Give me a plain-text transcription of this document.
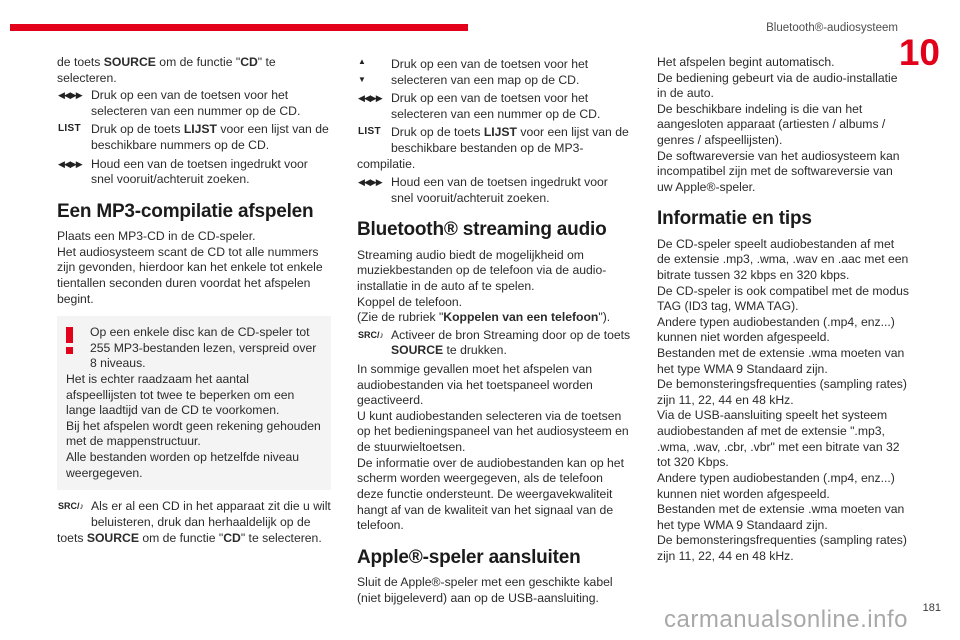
Bluetooth®-audiosysteem
10

de toets SOURCE om de functie "CD" te selecteren.

◀◀▶▶ Druk op een van de toetsen voor het selecteren van een nummer op de CD.
LIST Druk op de toets LIJST voor een lijst van de beschikbare nummers op de CD.
◀◀▶▶ Houd een van de toetsen ingedrukt voor snel vooruit/achteruit zoeken.
Een MP3-compilatie afspelen

Plaats een MP3-CD in de CD-speler.

Het audiosysteem scant de CD tot alle nummers zijn gevonden, hierdoor kan het enkele tot enkele tientallen seconden duren voordat het afspelen begint.

Op een enkele disc kan de CD-speler tot 255 MP3-bestanden lezen, verspreid over 8 niveaus.

Het is echter raadzaam het aantal afspeellijsten tot twee te beperken om een lange laadtijd van de CD te voorkomen.

Bij het afspelen wordt geen rekening gehouden met de mappenstructuur.

Alle bestanden worden op hetzelfde niveau weergegeven.

SRC/♪ Als er al een CD in het apparaat zit die u wilt beluisteren, druk dan herhaaldelijk op de toets SOURCE om de functie "CD" te selecteren.
▲
▼
Druk op een van de toetsen voor het selecteren van een map op de CD.
◀◀▶▶ Druk op een van de toetsen voor het selecteren van een nummer op de CD.
LIST Druk op de toets LIJST voor een lijst van de beschikbare bestanden op de MP3-compilatie.
◀◀▶▶ Houd een van de toetsen ingedrukt voor snel vooruit/achteruit zoeken.
Bluetooth® streaming audio

Streaming audio biedt de mogelijkheid om muziekbestanden op de telefoon via de audio-installatie in de auto af te spelen.

Koppel de telefoon.

(Zie de rubriek "Koppelen van een telefoon").

SRC/♪ Activeer de bron Streaming door op de toets SOURCE te drukken.

In sommige gevallen moet het afspelen van audiobestanden via het toetspaneel worden geactiveerd.

U kunt audiobestanden selecteren via de toetsen op het bedieningspaneel van het audiosysteem en de stuurwieltoetsen.

De informatie over de audiobestanden kan op het scherm worden weergegeven, als de telefoon deze functie ondersteunt. De weergavekwaliteit hangt af van de kwaliteit van het signaal van de telefoon.

Apple®-speler aansluiten

Sluit de Apple®-speler met een geschikte kabel (niet bijgeleverd) aan op de USB-aansluiting.

Het afspelen begint automatisch.

De bediening gebeurt via de audio-installatie in de auto.

De beschikbare indeling is die van het aangesloten apparaat (artiesten / albums / genres / afspeellijsten).

De softwareversie van het audiosysteem kan incompatibel zijn met de softwareversie van uw Apple®-speler.

Informatie en tips

De CD-speler speelt audiobestanden af met de extensie .mp3, .wma, .wav en .aac met een bitrate tussen 32 kbps en 320 kbps.

De CD-speler is ook compatibel met de modus TAG (ID3 tag, WMA TAG).

Andere typen audiobestanden (.mp4, enz...) kunnen niet worden afgespeeld.

Bestanden met de extensie .wma moeten van het type WMA 9 Standaard zijn.

De bemonsteringsfrequenties (sampling rates) zijn 11, 22, 44 en 48 kHz.

Via de USB-aansluiting speelt het systeem audiobestanden af met de extensie ".mp3, .wma, .wav, .cbr, .vbr" met een bitrate van 32 tot 320 Kbps.

Andere typen audiobestanden (.mp4, enz...) kunnen niet worden afgespeeld.

Bestanden met de extensie .wma moeten van het type WMA 9 Standaard zijn.

De bemonsteringsfrequenties (sampling rates) zijn 11, 22, 44 en 48 kHz.

181
carmanualsonline.info
